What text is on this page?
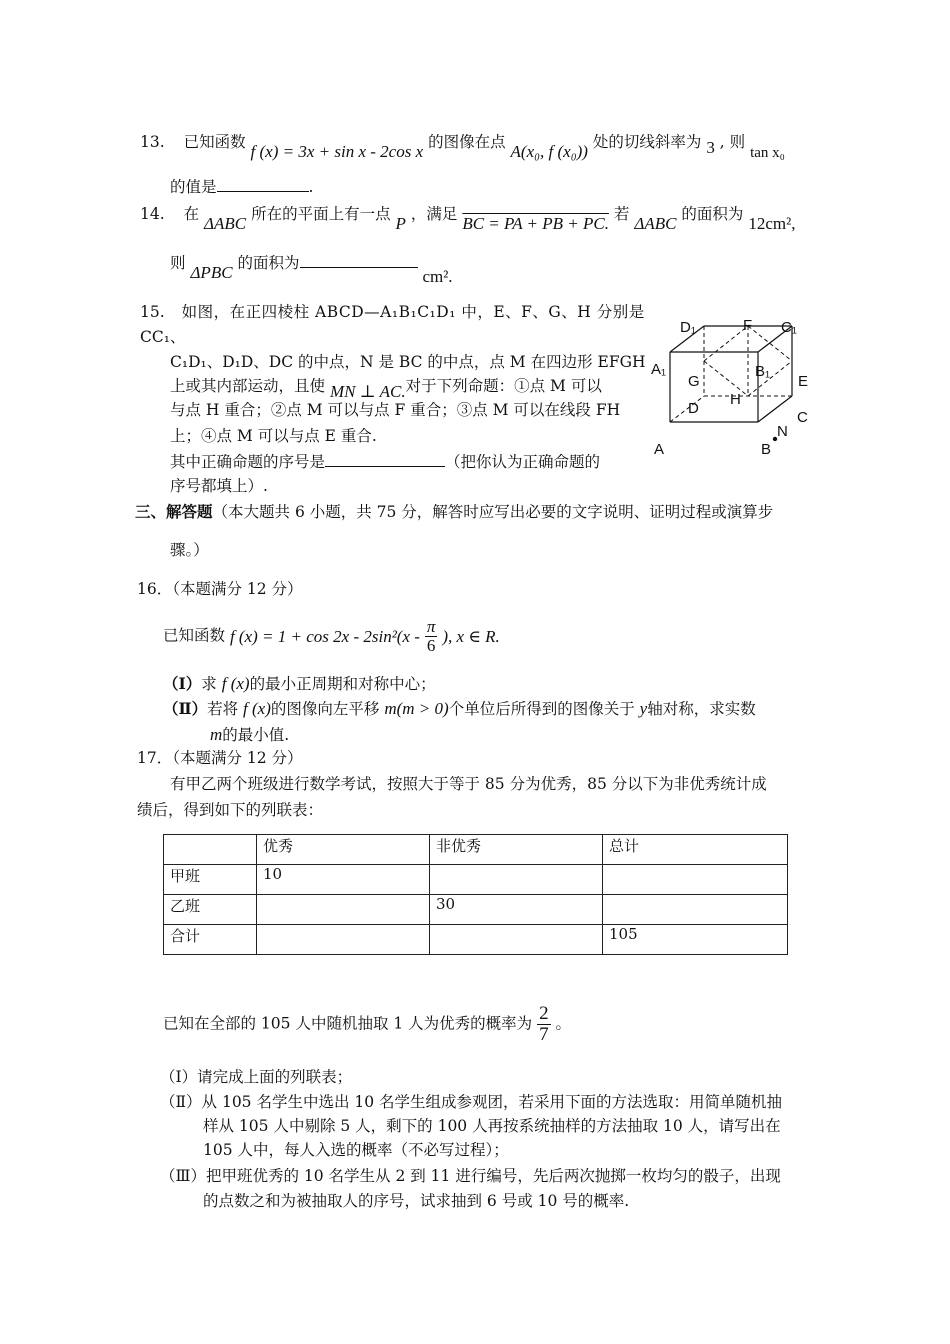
13. 已知函数 f (x) = 3x + sin x - 2cos x 的图像在点 A(x₀, f (x₀)) 处的切线斜率为 3 , 则 tan x₀
的值是	.
14. 在 ΔABC 所在的平面上有一点 P ，满足 BC = PA + PB + PC. 若 ΔABC 的面积为 12cm²,
则 ΔPBC 的面积为 cm².
15. 如图，在正四棱柱 ABCD—A₁B₁C₁D₁ 中，E、F、G、H 分别是
CC₁、
C₁D₁、D₁D、DC 的中点，N 是 BC 的中点，点 M 在四边形 EFGH
上或其内部运动，且使 MN ⊥ AC.对于下列命题：①点 M 可以
与点 H 重合；②点 M 可以与点 F 重合；③点 M 可以在线段 FH
上；④点 M 可以与点 E 重合.
其中正确命题的序号是	（把你认为正确命题的
序号都填上）.
D₁	F C₁
A₁
G
B₁
E
D
H
C
N
A	B
三、解答题（本大题共 6 小题，共 75 分，解答时应写出必要的文字说明、证明过程或演算步
骤。）
16．（本题满分 12 分）
已知函数 f $(x) = 1 + \cos 2x - 2\sin^2(x - \frac{\pi}{6}$ ), x ∈ R.
（Ⅰ）求 f (x)的最小正周期和对称中心；
（Ⅱ）若将 f (x)的图像向左平移 m(m > 0)个单位后所得到的图像关于 y轴对称，求实数
m的最小值.
17．（本题满分 12 分）
有甲乙两个班级进行数学考试，按照大于等于 85 分为优秀，85 分以下为非优秀统计成
绩后，得到如下的列联表：
	优秀	非优秀	总计
甲班	10		
乙班		30	
合计			105
已知在全部的 105 人中随机抽取 1 人为优秀的概率为 $\frac{2}{7}$ 。
（Ⅰ）请完成上面的列联表；
（Ⅱ）从 105 名学生中选出 10 名学生组成参观团，若采用下面的方法选取：用简单随机抽
样从 105 人中剔除 5 人，剩下的 100 人再按系统抽样的方法抽取 10 人，请写出在
105 人中，每人入选的概率（不必写过程）；
（Ⅲ）把甲班优秀的 10 名学生从 2 到 11 进行编号，先后两次抛掷一枚均匀的骰子，出现
的点数之和为被抽取人的序号，试求抽到 6 号或 10 号的概率.
